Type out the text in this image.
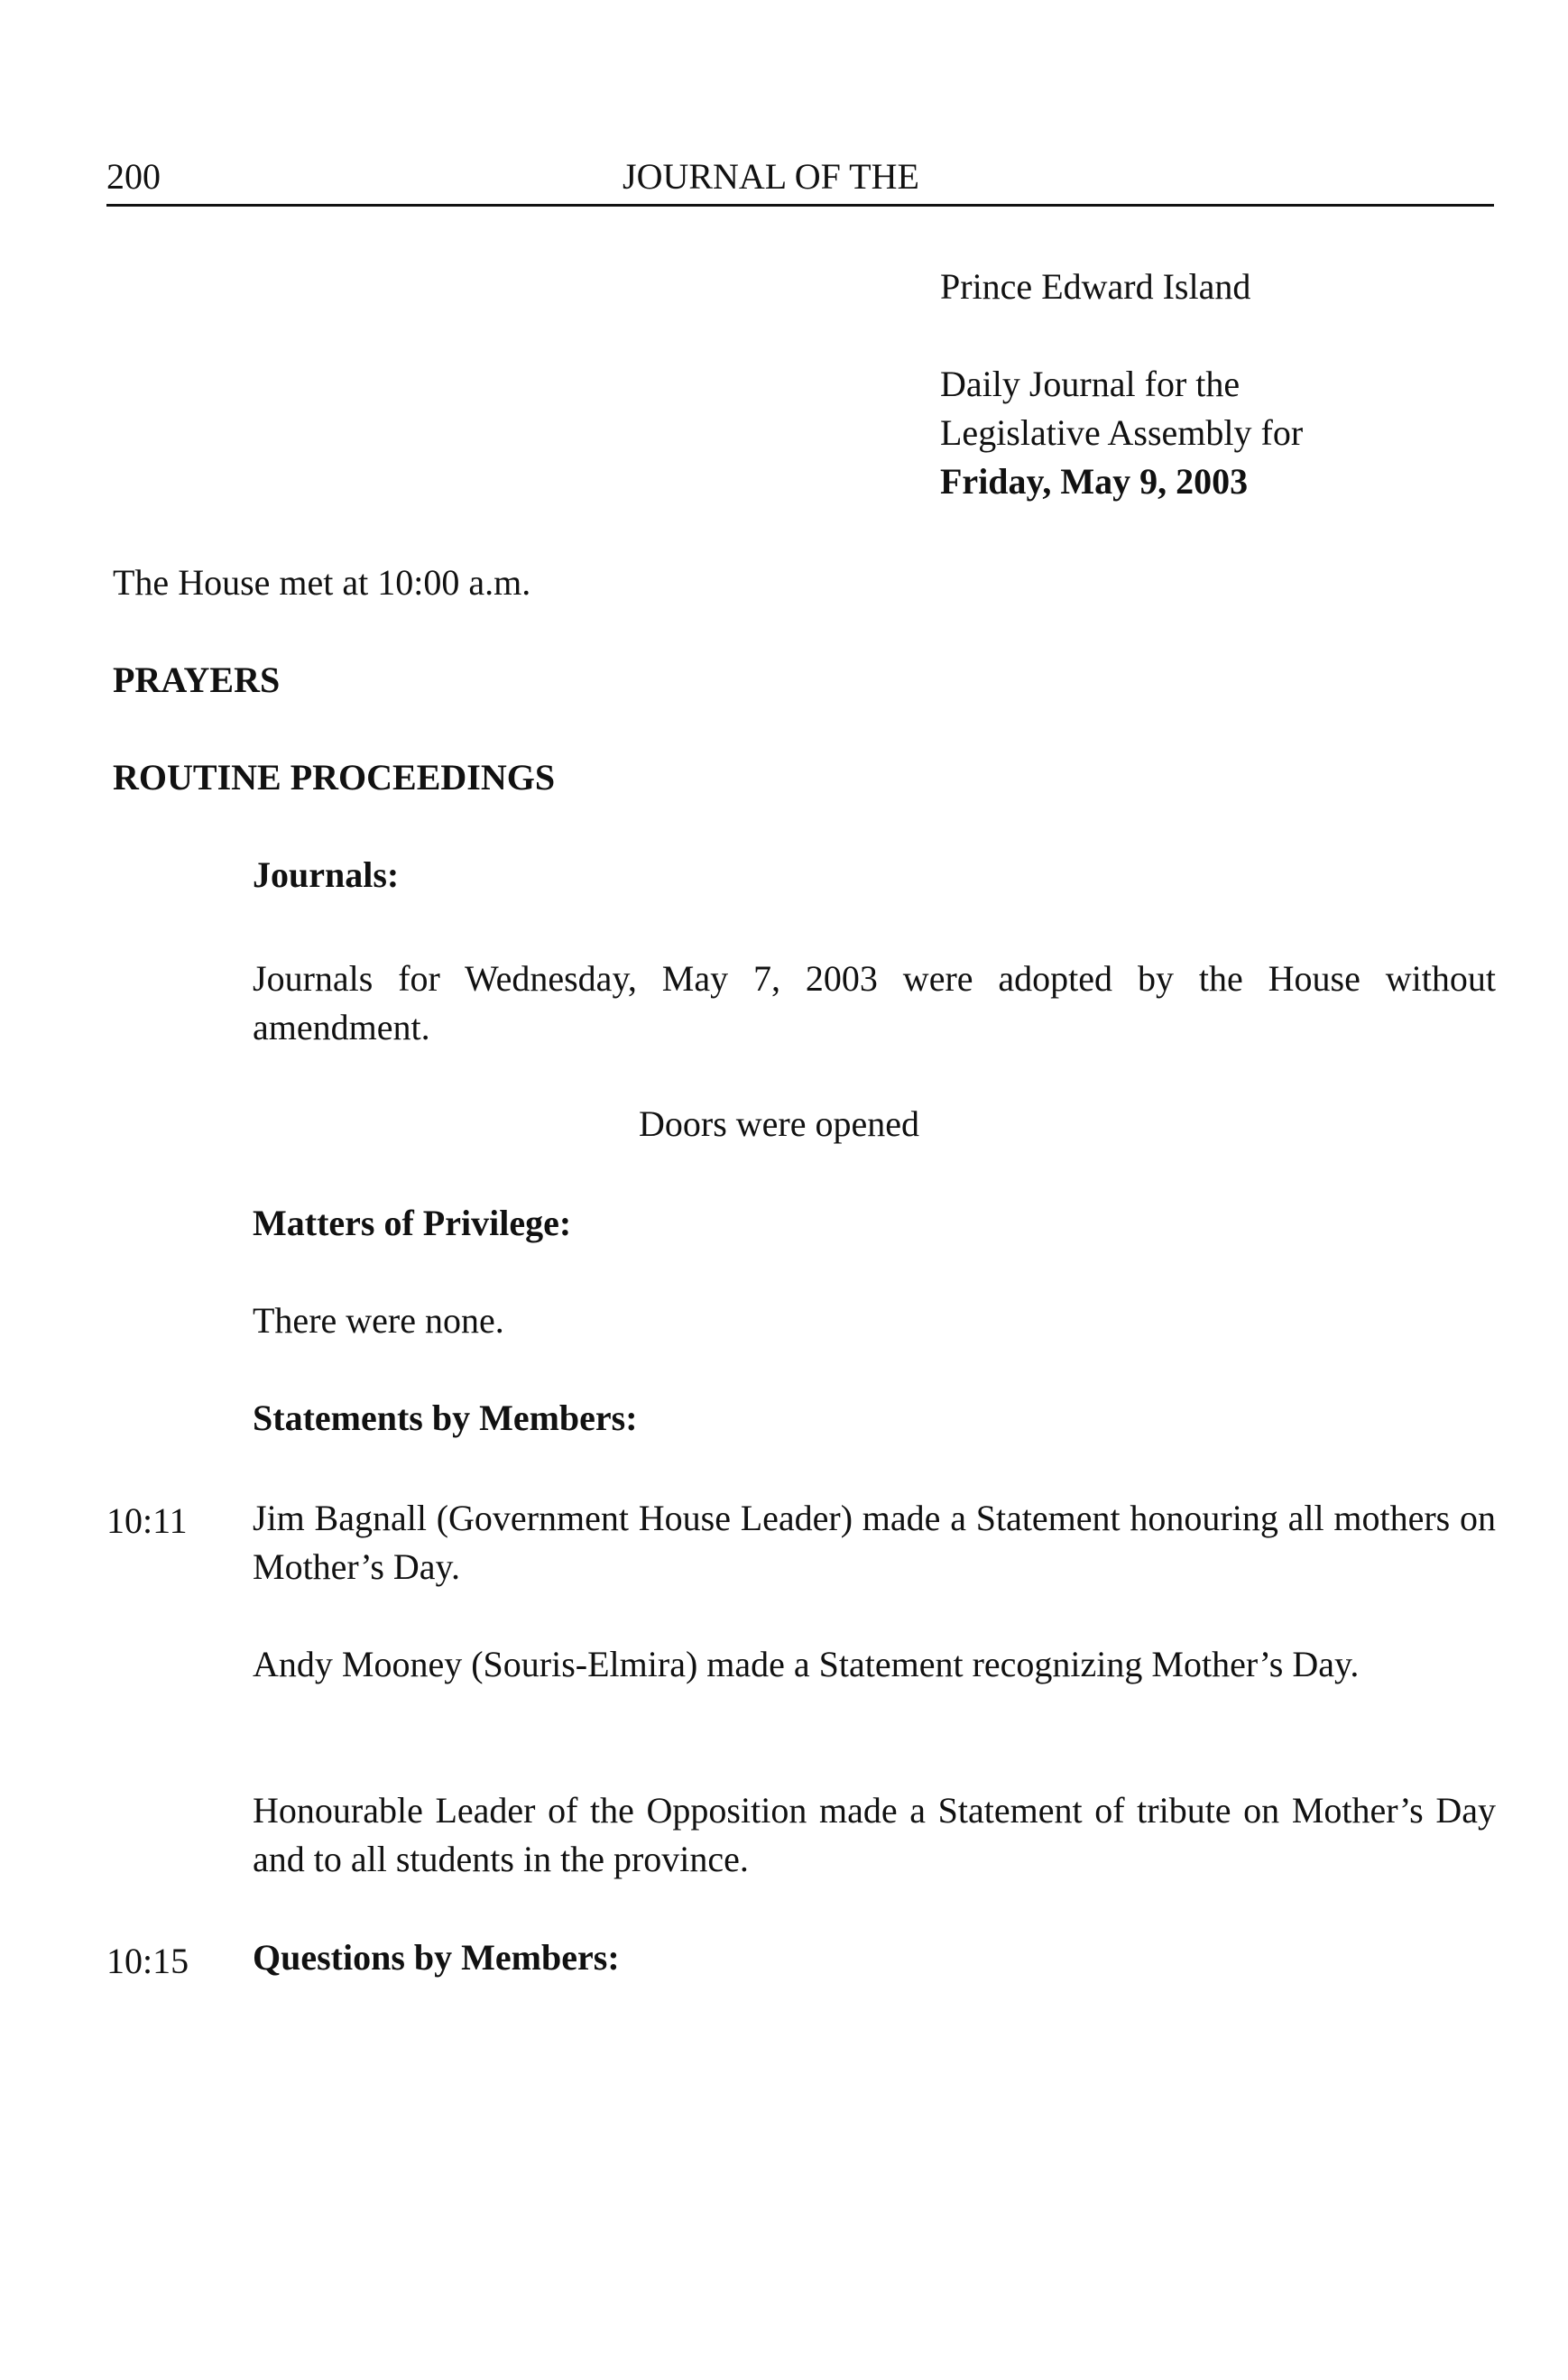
200	JOURNAL OF THE
Prince Edward Island
Daily Journal for the
Legislative Assembly for
Friday, May 9, 2003
The House met at 10:00 a.m.
PRAYERS
ROUTINE PROCEEDINGS
Journals:
Journals for Wednesday, May 7, 2003 were adopted by the House without amendment.
Doors were opened
Matters of Privilege:
There were none.
Statements by Members:
10:11 Jim Bagnall (Government House Leader) made a Statement honouring all mothers on Mother’s Day.
Andy Mooney (Souris-Elmira) made a Statement recognizing Mother’s Day.
Honourable Leader of the Opposition made a Statement of tribute on Mother’s Day and to all students in the province.
10:15 Questions by Members:
